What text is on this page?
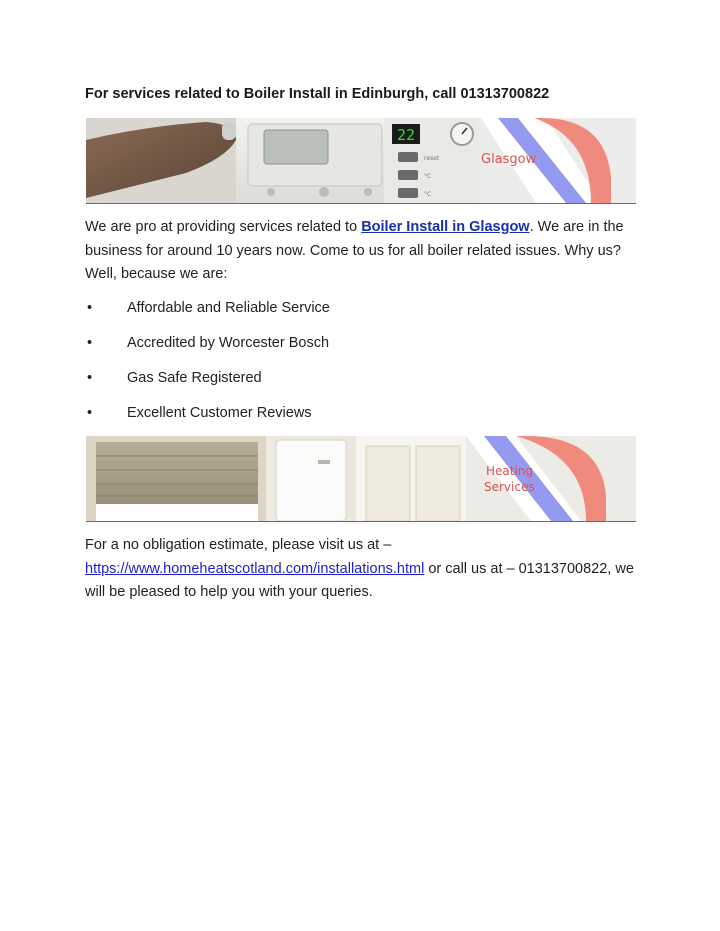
For services related to Boiler Install in Edinburgh, call 01313700822
22
reset
°C
°C
Glasgow
We are pro at providing services related to Boiler Install in Glasgow. We are in the business for around 10 years now. Come to us for all boiler related issues. Why us? Well, because we are:
• Affordable and Reliable Service
• Accredited by Worcester Bosch
• Gas Safe Registered
• Excellent Customer Reviews
Heating
Services
For a no obligation estimate, please visit us at – https://www.homeheatscotland.com/installations.html or call us at – 01313700822, we will be pleased to help you with your queries.
